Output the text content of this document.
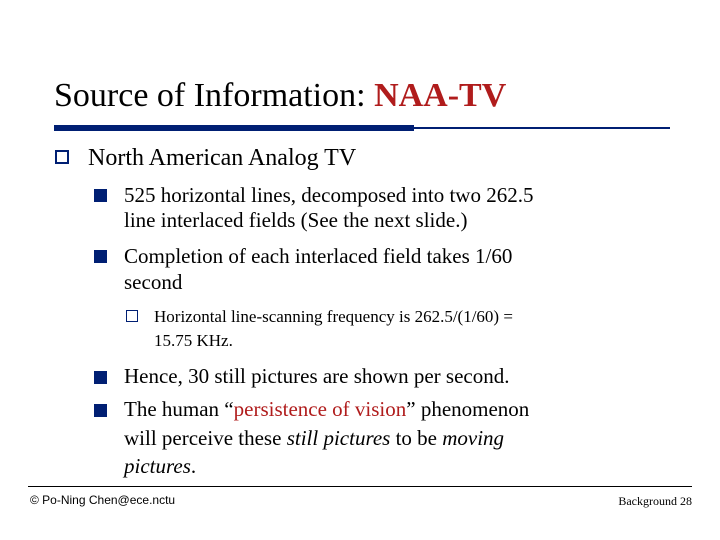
Source of Information: NAA-TV
North American Analog TV
525 horizontal lines, decomposed into two 262.5
line interlaced fields (See the next slide.)
Completion of each interlaced field takes 1/60
second
Horizontal line-scanning frequency is 262.5/(1/60) =
15.75 KHz.
Hence, 30 still pictures are shown per second.
The human “persistence of vision” phenomenon
will perceive these still pictures to be moving
pictures.
© Po-Ning Chen@ece.nctu	Background 28
